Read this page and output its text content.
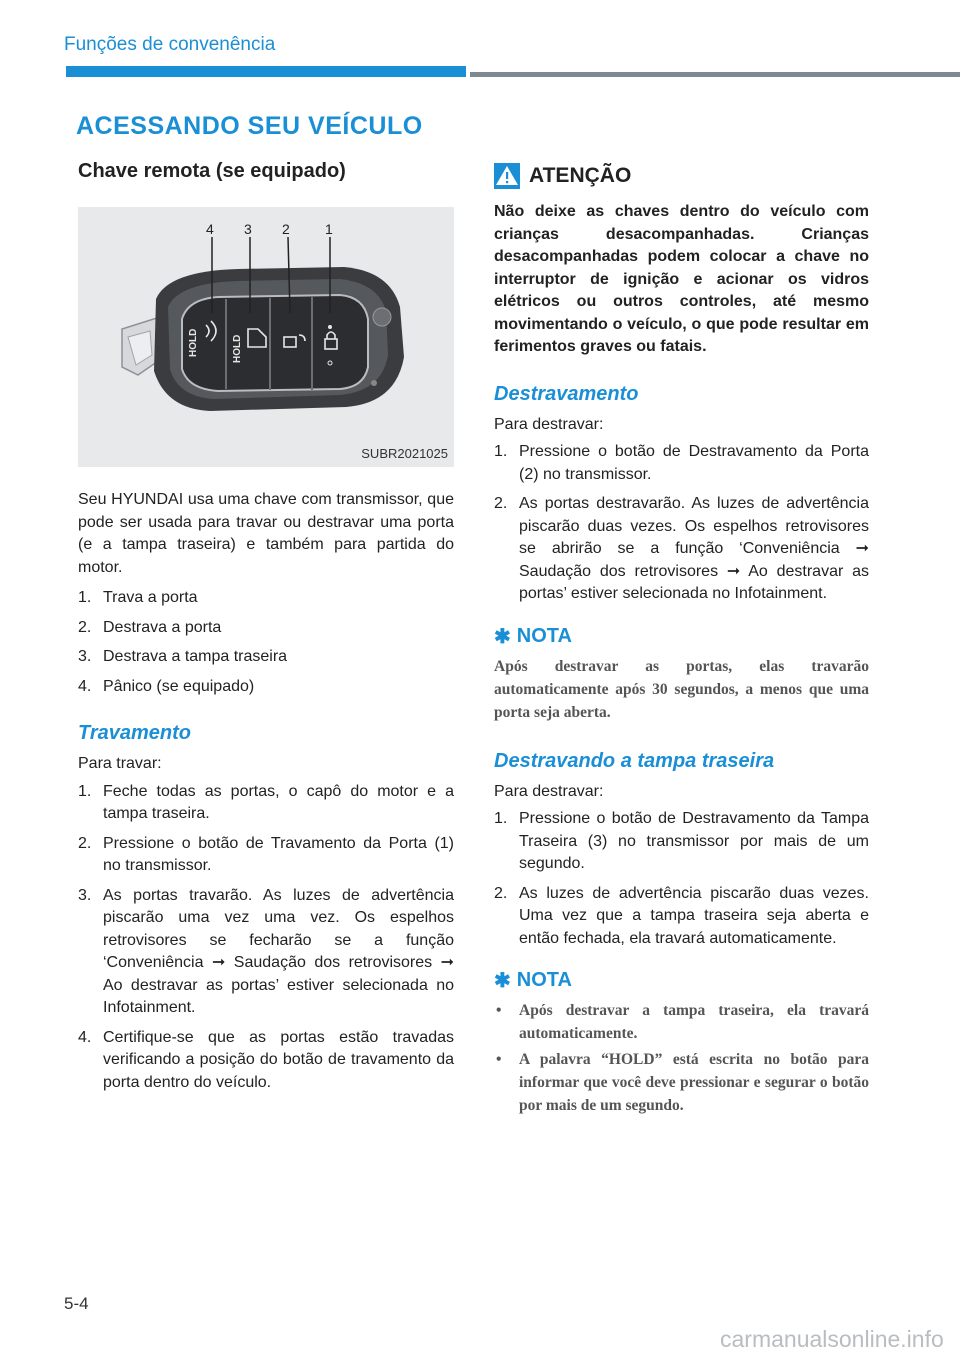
Funções de convenência
ACESSANDO SEU VEÍCULO
Chave remota (se equipado)
HOLD	HOLD
4 3 2	1
SUBR2021025

Seu HYUNDAI usa uma chave com transmissor, que pode ser usada para travar ou destravar uma porta (e a tampa traseira) e também para partida do motor.

1. Trava a porta
2. Destrava a porta
3. Destrava a tampa traseira
4. Pânico (se equipado)
Travamento

Para travar:

1. Feche todas as portas, o capô do motor e a tampa traseira.
2. Pressione o botão de Travamento da Porta (1) no transmissor.
3. As portas travarão. As luzes de advertência piscarão uma vez uma vez. Os espelhos retrovisores se fecharão se a função ‘Conveniência ➞ Saudação dos retrovisores ➞ Ao destravar as portas’ estiver selecionada no Infotainment.
4. Certifique-se que as portas estão travadas verificando a posição do botão de travamento da porta dentro do veículo.
ATENÇÃO

Não deixe as chaves dentro do veículo com crianças desacompanhadas. Crianças desacompanhadas podem colocar a chave no interruptor de ignição e acionar os vidros elétricos ou outros controles, até mesmo movimentando o veículo, o que pode resultar em ferimentos graves ou fatais.

Destravamento

Para destravar:

1. Pressione o botão de Destravamento da Porta (2) no transmissor.
2. As portas destravarão. As luzes de advertência piscarão duas vezes. Os espelhos retrovisores se abrirão se a função ‘Conveniência ➞ Saudação dos retrovisores ➞ Ao destravar as portas’ estiver selecionada no Infotainment.
✱ NOTA

Após destravar as portas, elas travarão automaticamente após 30 segundos, a menos que uma porta seja aberta.

Destravando a tampa traseira

Para destravar:

1. Pressione o botão de Destravamento da Tampa Traseira (3) no transmissor por mais de um segundo.
2. As luzes de advertência piscarão duas vezes. Uma vez que a tampa traseira seja aberta e então fechada, ela travará automaticamente.
✱ NOTA
• Após destravar a tampa traseira, ela travará automaticamente.
• A palavra “HOLD” está escrita no botão para informar que você deve pressionar e segurar o botão por mais de um segundo.
5-4
carmanualsonline.info
